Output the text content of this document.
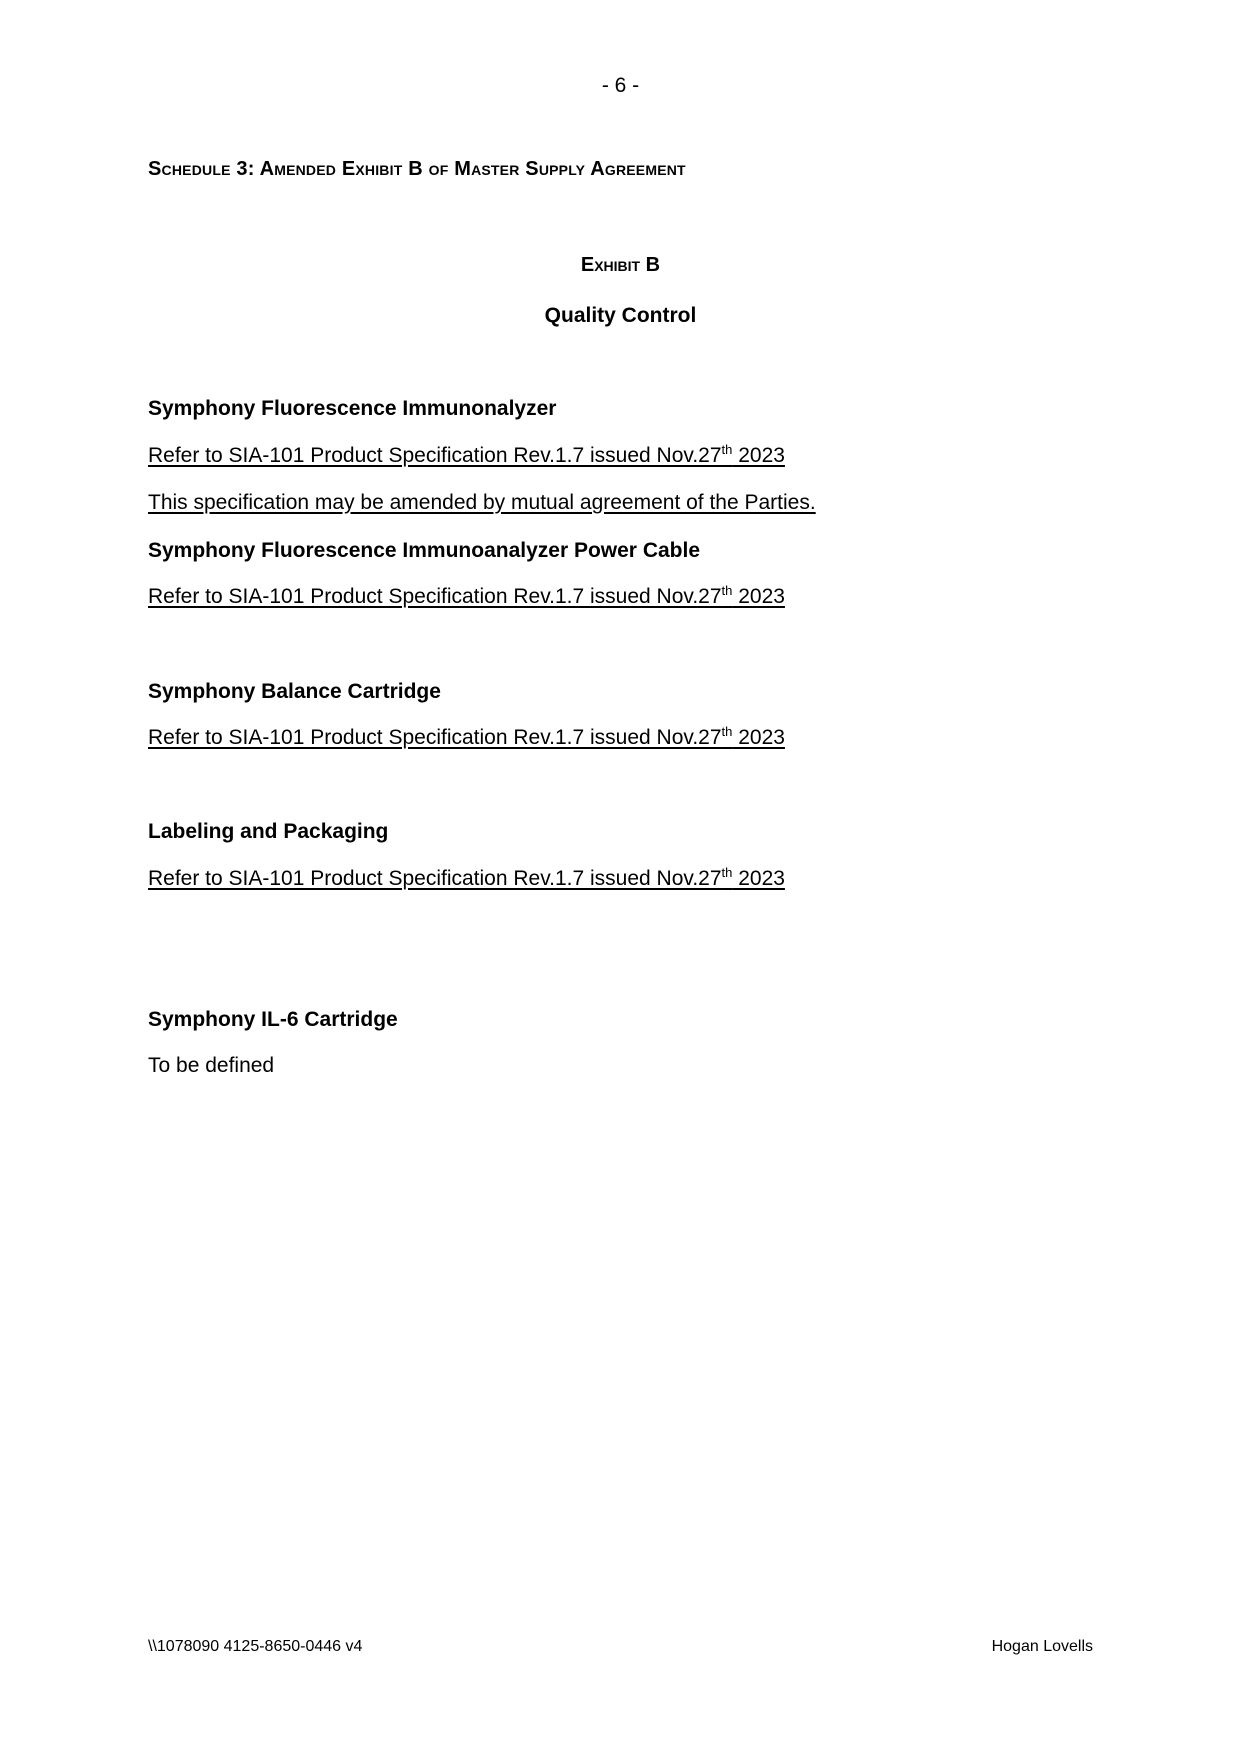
- 6 -
Schedule 3: Amended Exhibit B of Master Supply Agreement
Exhibit B
Quality Control
Symphony Fluorescence Immunonalyzer
Refer to SIA-101 Product Specification Rev.1.7 issued Nov.27th 2023
This specification may be amended by mutual agreement of the Parties.
Symphony Fluorescence Immunoanalyzer Power Cable
Refer to SIA-101 Product Specification Rev.1.7 issued Nov.27th 2023
Symphony Balance Cartridge
Refer to SIA-101 Product Specification Rev.1.7 issued Nov.27th 2023
Labeling and Packaging
Refer to SIA-101 Product Specification Rev.1.7 issued Nov.27th 2023
Symphony IL-6 Cartridge
To be defined
\\1078090 4125-8650-0446 v4	Hogan Lovells
